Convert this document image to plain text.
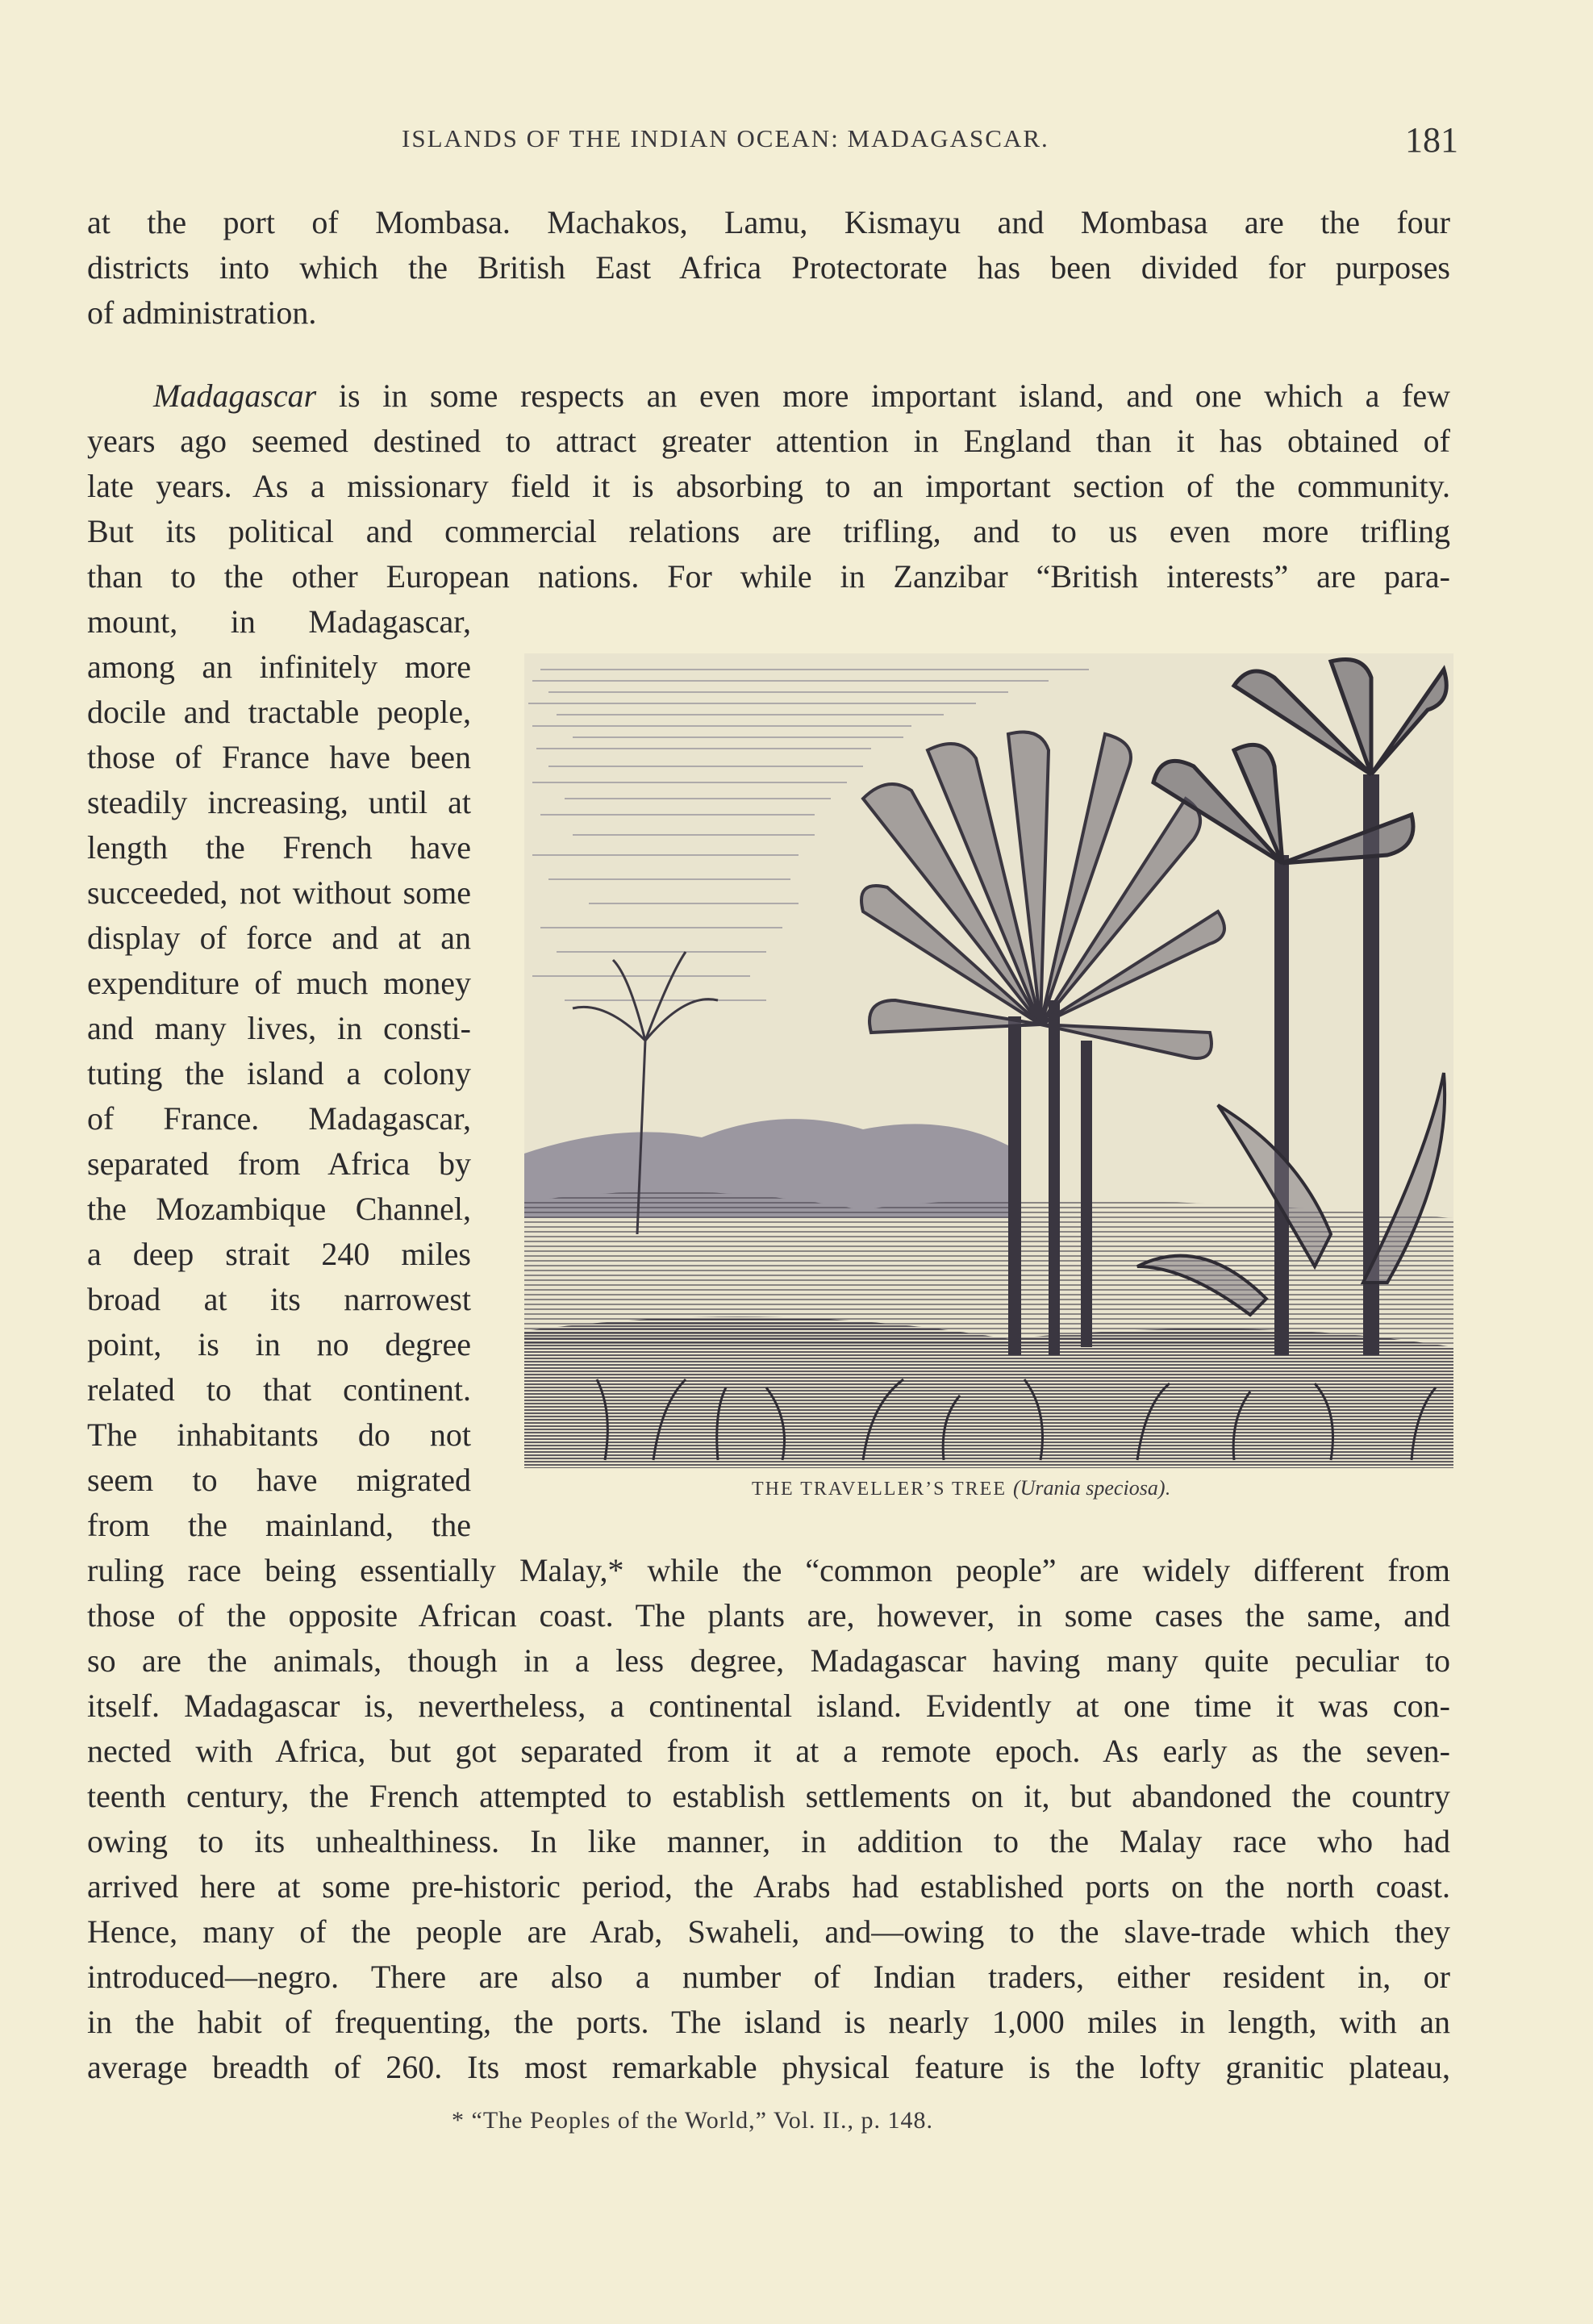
ISLANDS OF THE INDIAN OCEAN: MADAGASCAR.	181
at the port of Mombasa. Machakos, Lamu, Kismayu and Mombasa are the four
districts into which the British East Africa Protectorate has been divided for purposes
of administration.
Madagascar is in some respects an even more important island, and one which a few
years ago seemed destined to attract greater attention in England than it has obtained of
late years. As a missionary field it is absorbing to an important section of the community.
But its political and commercial relations are trifling, and to us even more trifling
than to the other European nations. For while in Zanzibar “British interests” are para-
mount, in Madagascar,
among an infinitely more
docile and tractable people,
those of France have been
steadily increasing, until at
length the French have
succeeded, not without some
display of force and at an
expenditure of much money
and many lives, in consti-
tuting the island a colony
of France. Madagascar,
separated from Africa by
the Mozambique Channel,
a deep strait 240 miles
broad at its narrowest
point, is in no degree
related to that continent.
The inhabitants do not
seem to have migrated
from the mainland, the
ruling race being essentially Malay,* while the “common people” are widely different from
those of the opposite African coast. The plants are, however, in some cases the same, and
so are the animals, though in a less degree, Madagascar having many quite peculiar to
itself. Madagascar is, nevertheless, a continental island. Evidently at one time it was con-
nected with Africa, but got separated from it at a remote epoch. As early as the seven-
teenth century, the French attempted to establish settlements on it, but abandoned the country
owing to its unhealthiness. In like manner, in addition to the Malay race who had
arrived here at some pre-historic period, the Arabs had established ports on the north coast.
Hence, many of the people are Arab, Swaheli, and—owing to the slave-trade which they
introduced—negro. There are also a number of Indian traders, either resident in, or
in the habit of frequenting, the ports. The island is nearly 1,000 miles in length, with an
average breadth of 260. Its most remarkable physical feature is the lofty granitic plateau,
THE TRAVELLER’S TREE (Urania speciosa).
* “The Peoples of the World,” Vol. II., p. 148.
